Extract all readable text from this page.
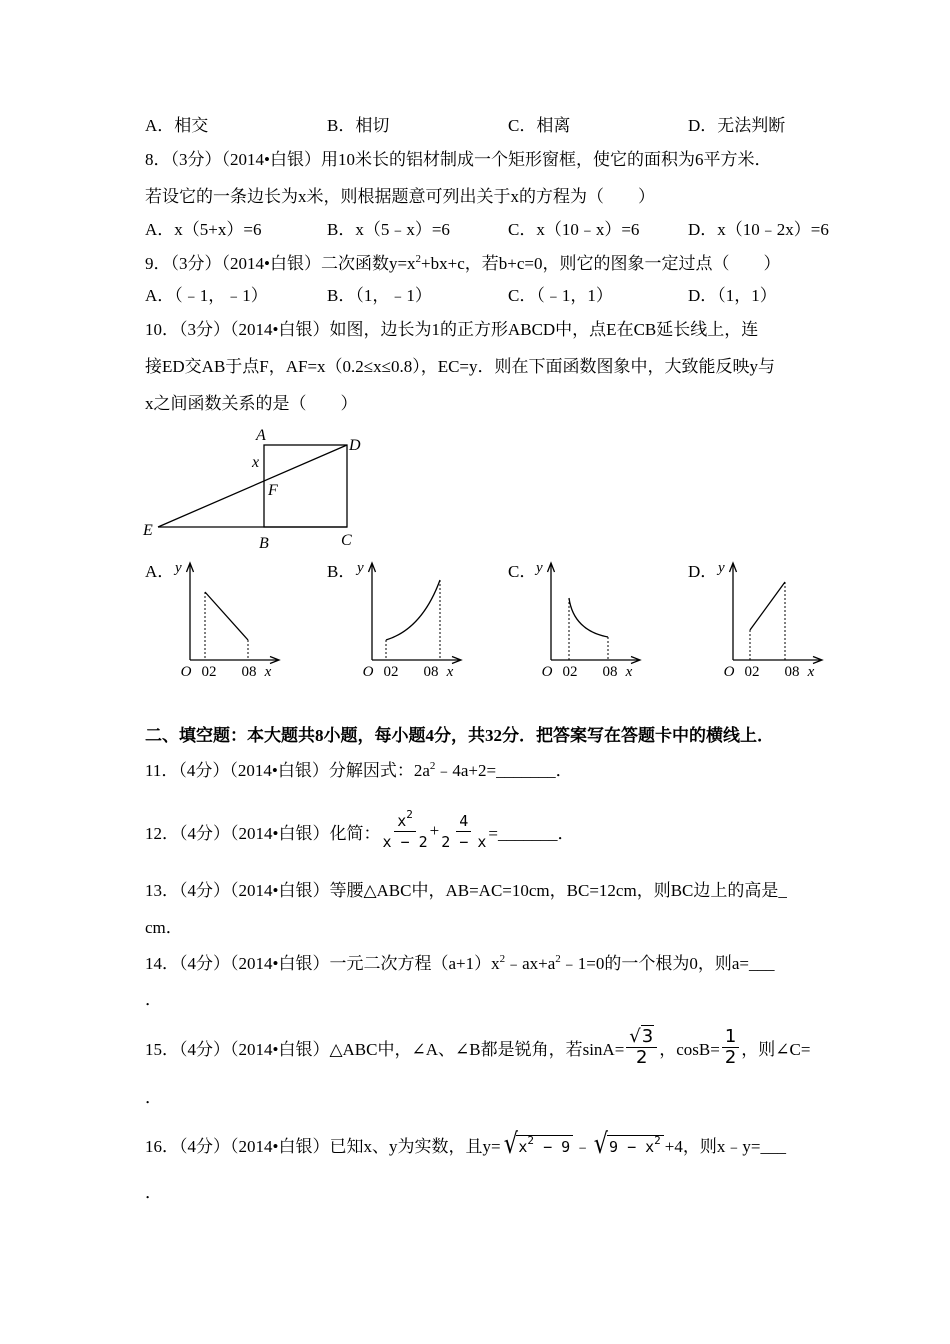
A．相交	B．相切	C．相离	D．无法判断
8．（3分）（2014•白银）用10米长的铝材制成一个矩形窗框，使它的面积为6平方米．
若设它的一条边长为x米，则根据题意可列出关于x的方程为（　　）
A．x（5+x）=6	B．x（5﹣x）=6	C．x（10﹣x）=6	D．x（10﹣2x）=6
9．（3分）（2014•白银）二次函数$y=x^2+bx+c$，若b+c=0，则它的图象一定过点（　　）
A．（﹣1，﹣1）	B．（1，﹣1）	C．（﹣1，1）	D．（1，1）
10．（3分）（2014•白银）如图，边长为1的正方形ABCD中，点E在CB延长线上，连
接ED交AB于点F，AF=x（0.2≤x≤0.8），EC=y．则在下面函数图象中，大致能反映y与
x之间函数关系的是（　　）
A
D
x
F
E
B	C
A．	B．	C．	D．
y
O 02 08 x
y
O 02 08 x
y
O 02 08 x
y
O 02 08 x
二、填空题：本大题共8小题，每小题4分，共32分．把答案写在答题卡中的横线上．
11．（4分）（2014•白银）分解因式：$2a^2﹣4a+2=\_\_\_\_\_\_\_$．
12．（4分）（2014•白银）化简： $\frac{x^2}{x - 2} + \frac{4}{2 - x}$ =_______．
13．（4分）（2014•白银）等腰△ABC中，AB=AC=10cm，BC=12cm，则BC边上的高是_
cm．
14．（4分）（2014•白银）一元二次方程$(a+1)x^2﹣ax+a^2﹣1=0$的一个根为0，则a=___
．
15．（4分）（2014•白银）△ABC中，∠A、∠B都是锐角，若$\sin A= \frac{√3}{2}$ ，$\cos B= \frac{1}{2}$ ，则∠C=
．
16．（4分）（2014•白银）已知x、y为实数，且y= √ $x^2 - 9$ ﹣ √ $9 - x^2 +4$，则x﹣y=___
．
